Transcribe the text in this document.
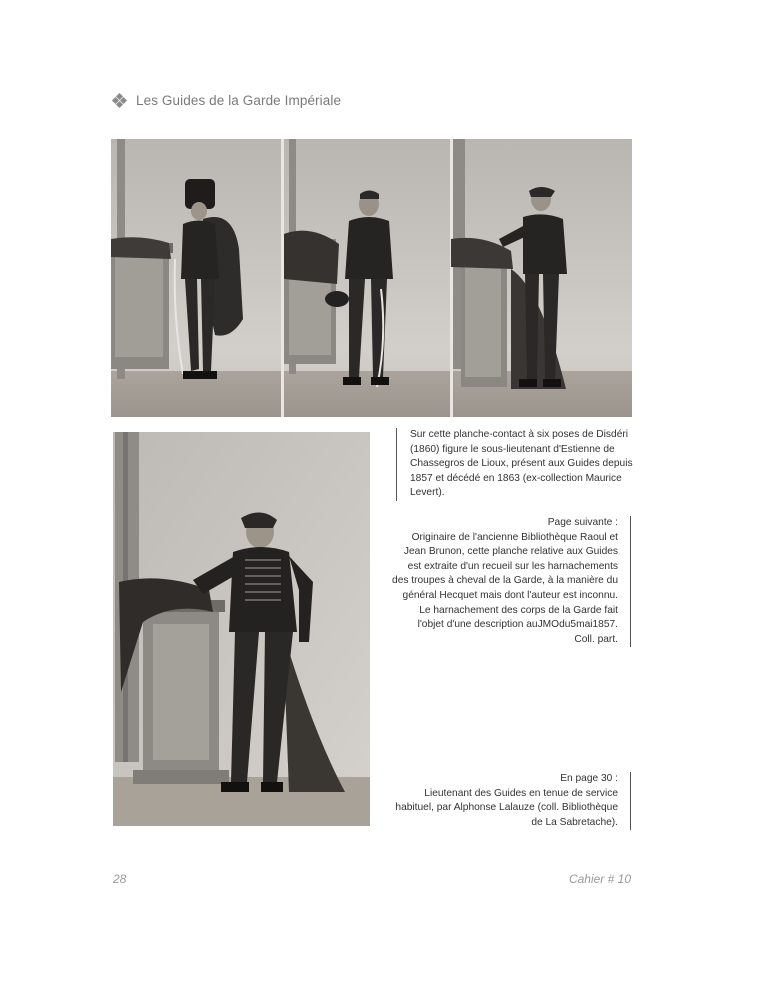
Les Guides de la Garde Impériale

Sur cette planche-contact à six poses de Disdéri (1860) figure le sous-lieutenant d'Estienne de Chassegros de Lioux, présent aux Guides depuis 1857 et décédé en 1863 (ex-collection Maurice Levert).

Page suivante :

Originaire de l'ancienne Bibliothèque Raoul et Jean Brunon, cette planche relative aux Guides est extraite d'un recueil sur les harnachements des troupes à cheval de la Garde, à la manière du général Hecquet mais dont l'auteur est inconnu. Le harnachement des corps de la Garde fait l'objet d'une description auJMOdu5mai1857.

Coll. part.

En page 30 :

Lieutenant des Guides en tenue de service habituel, par Alphonse Lalauze (coll. Bibliothèque de La Sabretache).

28	Cahier # 10
